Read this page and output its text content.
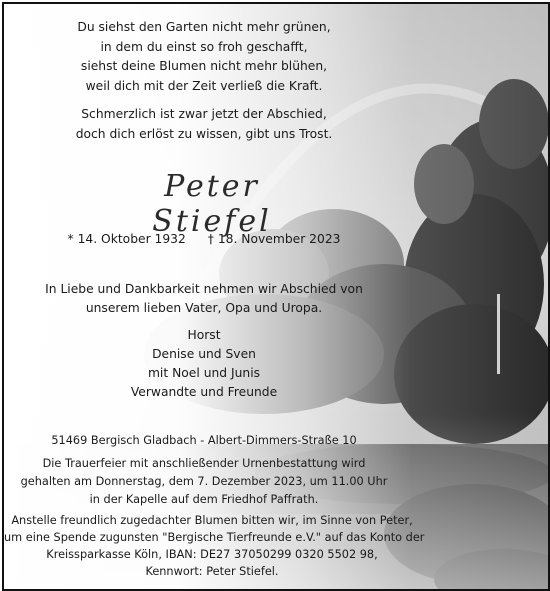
Du siehst den Garten nicht mehr grünen,
in dem du einst so froh geschafft,
siehst deine Blumen nicht mehr blühen,
weil dich mit der Zeit verließ die Kraft.
Schmerzlich ist zwar jetzt der Abschied,
doch dich erlöst zu wissen, gibt uns Trost.
Peter Stiefel
* 14. Oktober 1932 † 18. November 2023
In Liebe und Dankbarkeit nehmen wir Abschied von
unserem lieben Vater, Opa und Uropa.
Horst
Denise und Sven
mit Noel und Junis
Verwandte und Freunde
51469 Bergisch Gladbach - Albert-Dimmers-Straße 10
Die Trauerfeier mit anschließender Urnenbestattung wird
gehalten am Donnerstag, dem 7. Dezember 2023, um 11.00 Uhr
in der Kapelle auf dem Friedhof Paffrath.
Anstelle freundlich zugedachter Blumen bitten wir, im Sinne von Peter,
um eine Spende zugunsten "Bergische Tierfreunde e.V." auf das Konto der
Kreissparkasse Köln, IBAN: DE27 37050299 0320 5502 98,
Kennwort: Peter Stiefel.
